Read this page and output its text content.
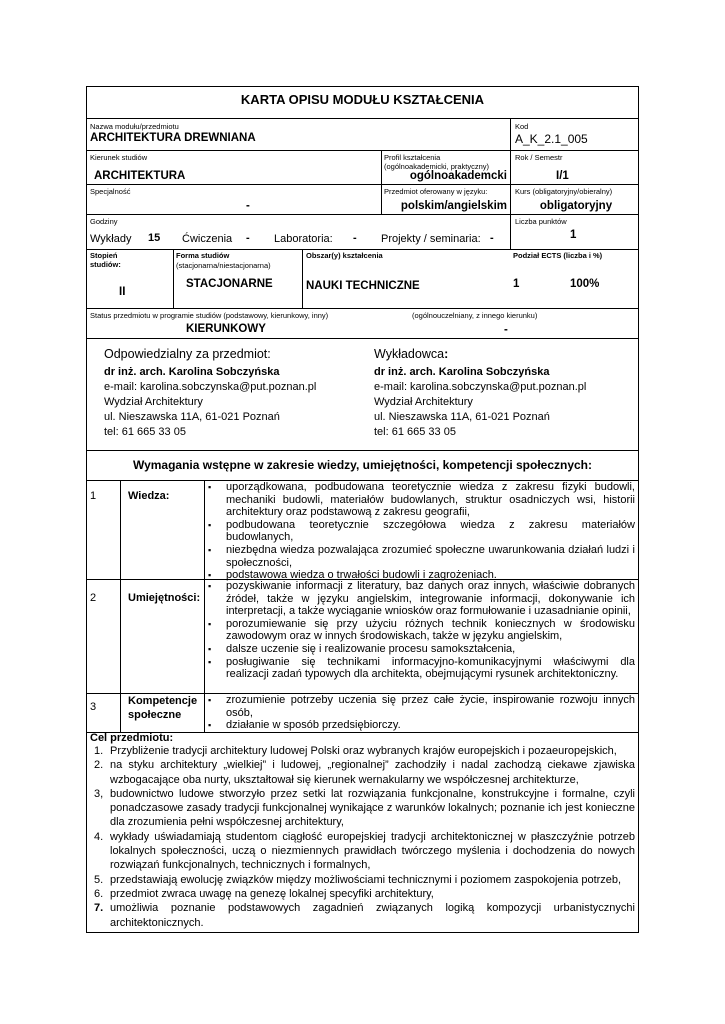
KARTA OPISU MODUŁU KSZTAŁCENIA
Nazwa modułu/przedmiotu
ARCHITEKTURA DREWNIANA
Kod
A_K_2.1_005
Kierunek studiów
ARCHITEKTURA
Profil kształcenia
(ogólnoakademicki, praktyczny)
ogólnoakademcki
Rok / Semestr
I/1
Specjalność
-
Przedmiot oferowany w języku:
polskim/angielskim
Kurs (obligatoryjny/obieralny)
obligatoryjny
Godziny
Wykłady 15 Ćwiczenia - Laboratoria: - Projekty / seminaria: -
Liczba punktów
1
Stopień studiów:
II
Forma studiów
(stacjonarna/niestacjonarna)
STACJONARNE
Obszar(y) kształcenia
NAUKI TECHNICZNE
Podział ECTS (liczba i %)
1	100%
Status przedmiotu w programie studiów (podstawowy, kierunkowy, inny)	(ogólnouczelniany, z innego kierunku)
KIERUNKOWY	-
Odpowiedzialny za przedmiot:
dr inż. arch. Karolina Sobczyńska
e-mail: karolina.sobczynska@put.poznan.pl
Wydział Architektury
ul. Nieszawska 11A, 61-021 Poznań
tel: 61 665 33 05
Wykładowca:
dr inż. arch. Karolina Sobczyńska
e-mail: karolina.sobczynska@put.poznan.pl
Wydział Architektury
ul. Nieszawska 11A, 61-021 Poznań
tel: 61 665 33 05
Wymagania wstępne w zakresie wiedzy, umiejętności, kompetencji społecznych:
1	Wiedza:
▪ uporządkowana, podbudowana teoretycznie wiedza z zakresu fizyki budowli, mechaniki budowli, materiałów budowlanych, struktur osadniczych wsi, historii architektury oraz podstawową z zakresu geografii,
▪ podbudowana teoretycznie szczegółowa wiedza z zakresu materiałów budowlanych,
▪ niezbędna wiedza pozwalająca zrozumieć społeczne uwarunkowania działań ludzi i społeczności,
▪ podstawowa wiedza o trwałości budowli i zagrożeniach.
2	Umiejętności:
▪ pozyskiwanie informacji z literatury, baz danych oraz innych, właściwie dobranych źródeł, także w języku angielskim, integrowanie informacji, dokonywanie ich interpretacji, a także wyciąganie wniosków oraz formułowanie i uzasadnianie opinii,
▪ porozumiewanie się przy użyciu różnych technik koniecznych w środowisku zawodowym oraz w innych środowiskach, także w języku angielskim,
▪ dalsze uczenie się i realizowanie procesu samokształcenia,
▪ posługiwanie się technikami informacyjno-komunikacyjnymi właściwymi dla realizacji zadań typowych dla architekta, obejmującymi rysunek architektoniczny.
3	Kompetencje
społeczne
▪ zrozumienie potrzeby uczenia się przez całe życie, inspirowanie rozwoju innych osób,
▪ działanie w sposób przedsiębiorczy.
Cel przedmiotu:
1. Przybliżenie tradycji architektury ludowej Polski oraz wybranych krajów europejskich i pozaeuropejskich,
2. na styku architektury „wielkiej” i ludowej, „regionalnej” zachodziły i nadal zachodzą ciekawe zjawiska wzbogacające oba nurty, ukształtował się kierunek wernakularny we współczesnej architekturze,
3, budownictwo ludowe stworzyło przez setki lat rozwiązania funkcjonalne, konstrukcyjne i formalne, czyli ponadczasowe zasady tradycji funkcjonalnej wynikające z warunków lokalnych; poznanie ich jest konieczne dla zrozumienia pełni współczesnej architektury,
4. wykłady uświadamiają studentom ciągłość europejskiej tradycji architektonicznej w płaszczyźnie potrzeb lokalnych społeczności, uczą o niezmiennych prawidłach twórczego myślenia i dochodzenia do nowych rozwiązań funkcjonalnych, technicznych i formalnych,
5. przedstawiają ewolucję związków między możliwościami technicznymi i poziomem zaspokojenia potrzeb,
6. przedmiot zwraca uwagę na genezę lokalnej specyfiki architektury,
7. umożliwia poznanie podstawowych zagadnień związanych logiką kompozycji urbanistycznychi architektonicznych.
